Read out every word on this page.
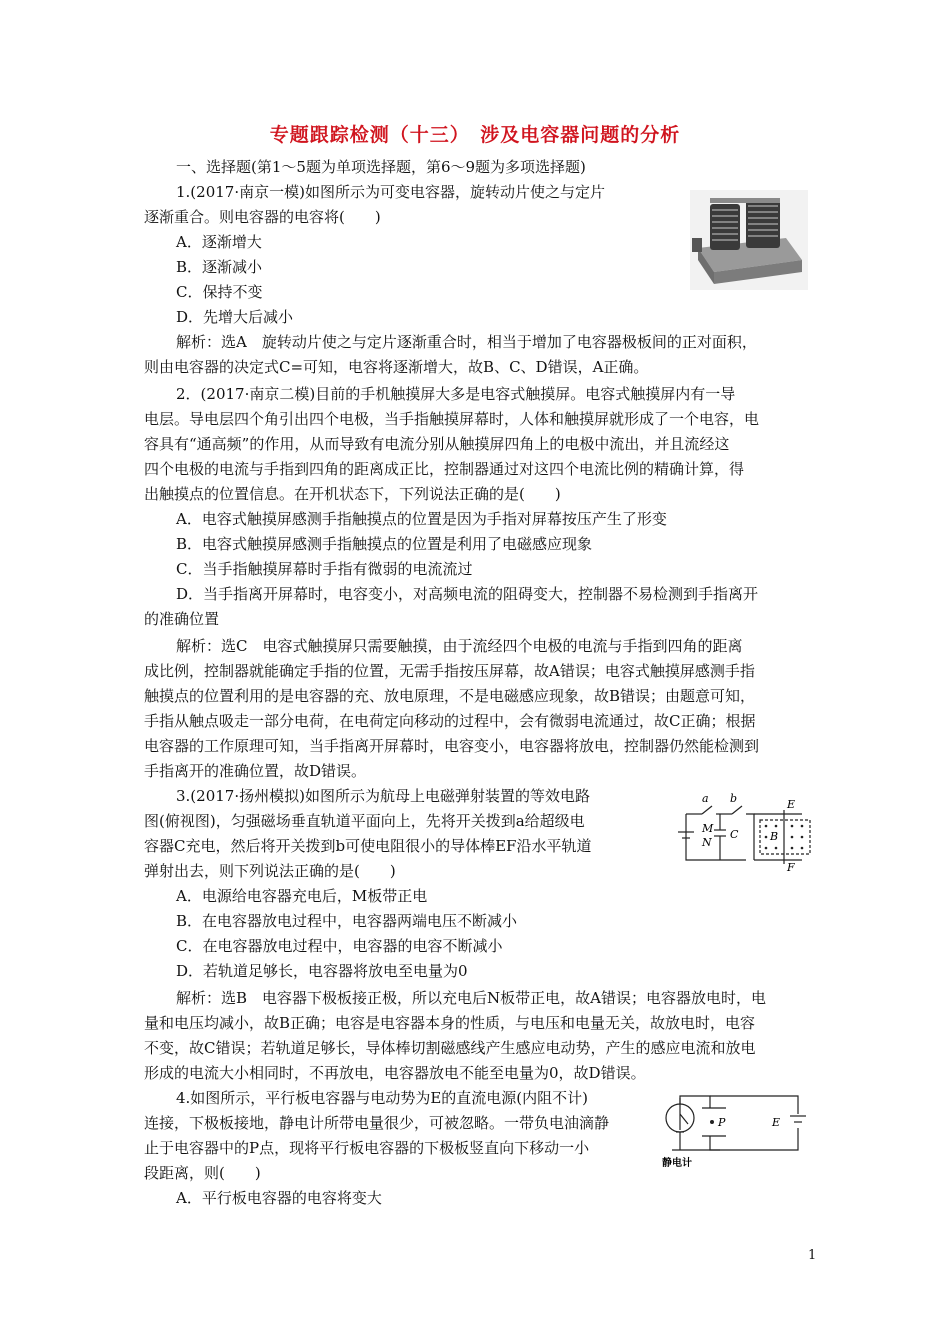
专题跟踪检测（十三）　涉及电容器问题的分析
一、选择题(第1～5题为单项选择题，第6～9题为多项选择题)
1.(2017·南京一模)如图所示为可变电容器，旋转动片使之与定片
逐渐重合。则电容器的电容将(　　)
A．逐渐增大
B．逐渐减小
C．保持不变
D．先增大后减小
解析：选A　旋转动片使之与定片逐渐重合时，相当于增加了电容器极板间的正对面积，
则由电容器的决定式C=可知，电容将逐渐增大，故B、C、D错误，A正确。
2．(2017·南京二模)目前的手机触摸屏大多是电容式触摸屏。电容式触摸屏内有一导
电层。导电层四个角引出四个电极，当手指触摸屏幕时，人体和触摸屏就形成了一个电容，电
容具有“通高频”的作用，从而导致有电流分别从触摸屏四角上的电极中流出，并且流经这
四个电极的电流与手指到四角的距离成正比，控制器通过对这四个电流比例的精确计算，得
出触摸点的位置信息。在开机状态下，下列说法正确的是(　　)
A．电容式触摸屏感测手指触摸点的位置是因为手指对屏幕按压产生了形变
B．电容式触摸屏感测手指触摸点的位置是利用了电磁感应现象
C．当手指触摸屏幕时手指有微弱的电流流过
D．当手指离开屏幕时，电容变小，对高频电流的阻碍变大，控制器不易检测到手指离开
的准确位置
解析：选C　电容式触摸屏只需要触摸，由于流经四个电极的电流与手指到四角的距离
成比例，控制器就能确定手指的位置，无需手指按压屏幕，故A错误；电容式触摸屏感测手指
触摸点的位置利用的是电容器的充、放电原理，不是电磁感应现象，故B错误；由题意可知，
手指从触点吸走一部分电荷，在电荷定向移动的过程中，会有微弱电流通过，故C正确；根据
电容器的工作原理可知，当手指离开屏幕时，电容变小，电容器将放电，控制器仍然能检测到
手指离开的准确位置，故D错误。
3.(2017·扬州模拟)如图所示为航母上电磁弹射装置的等效电路
图(俯视图)，匀强磁场垂直轨道平面向上，先将开关拨到a给超级电
容器C充电，然后将开关拨到b可使电阻很小的导体棒EF沿水平轨道
弹射出去，则下列说法正确的是(　　)
A．电源给电容器充电后，M板带正电
B．在电容器放电过程中，电容器两端电压不断减小
C．在电容器放电过程中，电容器的电容不断减小
D．若轨道足够长，电容器将放电至电量为0
解析：选B　电容器下极板接正极，所以充电后N板带正电，故A错误；电容器放电时，电
量和电压均减小，故B正确；电容是电容器本身的性质，与电压和电量无关，故放电时，电容
不变，故C错误；若轨道足够长，导体棒切割磁感线产生感应电动势，产生的感应电流和放电
形成的电流大小相同时，不再放电，电容器放电不能至电量为0，故D错误。
a b	E
F
M
N
C	B
4.如图所示，平行板电容器与电动势为E的直流电源(内阻不计)
连接，下极板接地，静电计所带电量很少，可被忽略。一带负电油滴静
止于电容器中的P点，现将平行板电容器的下极板竖直向下移动一小
段距离，则(　　)
A．平行板电容器的电容将变大
P	E
静电计
1
